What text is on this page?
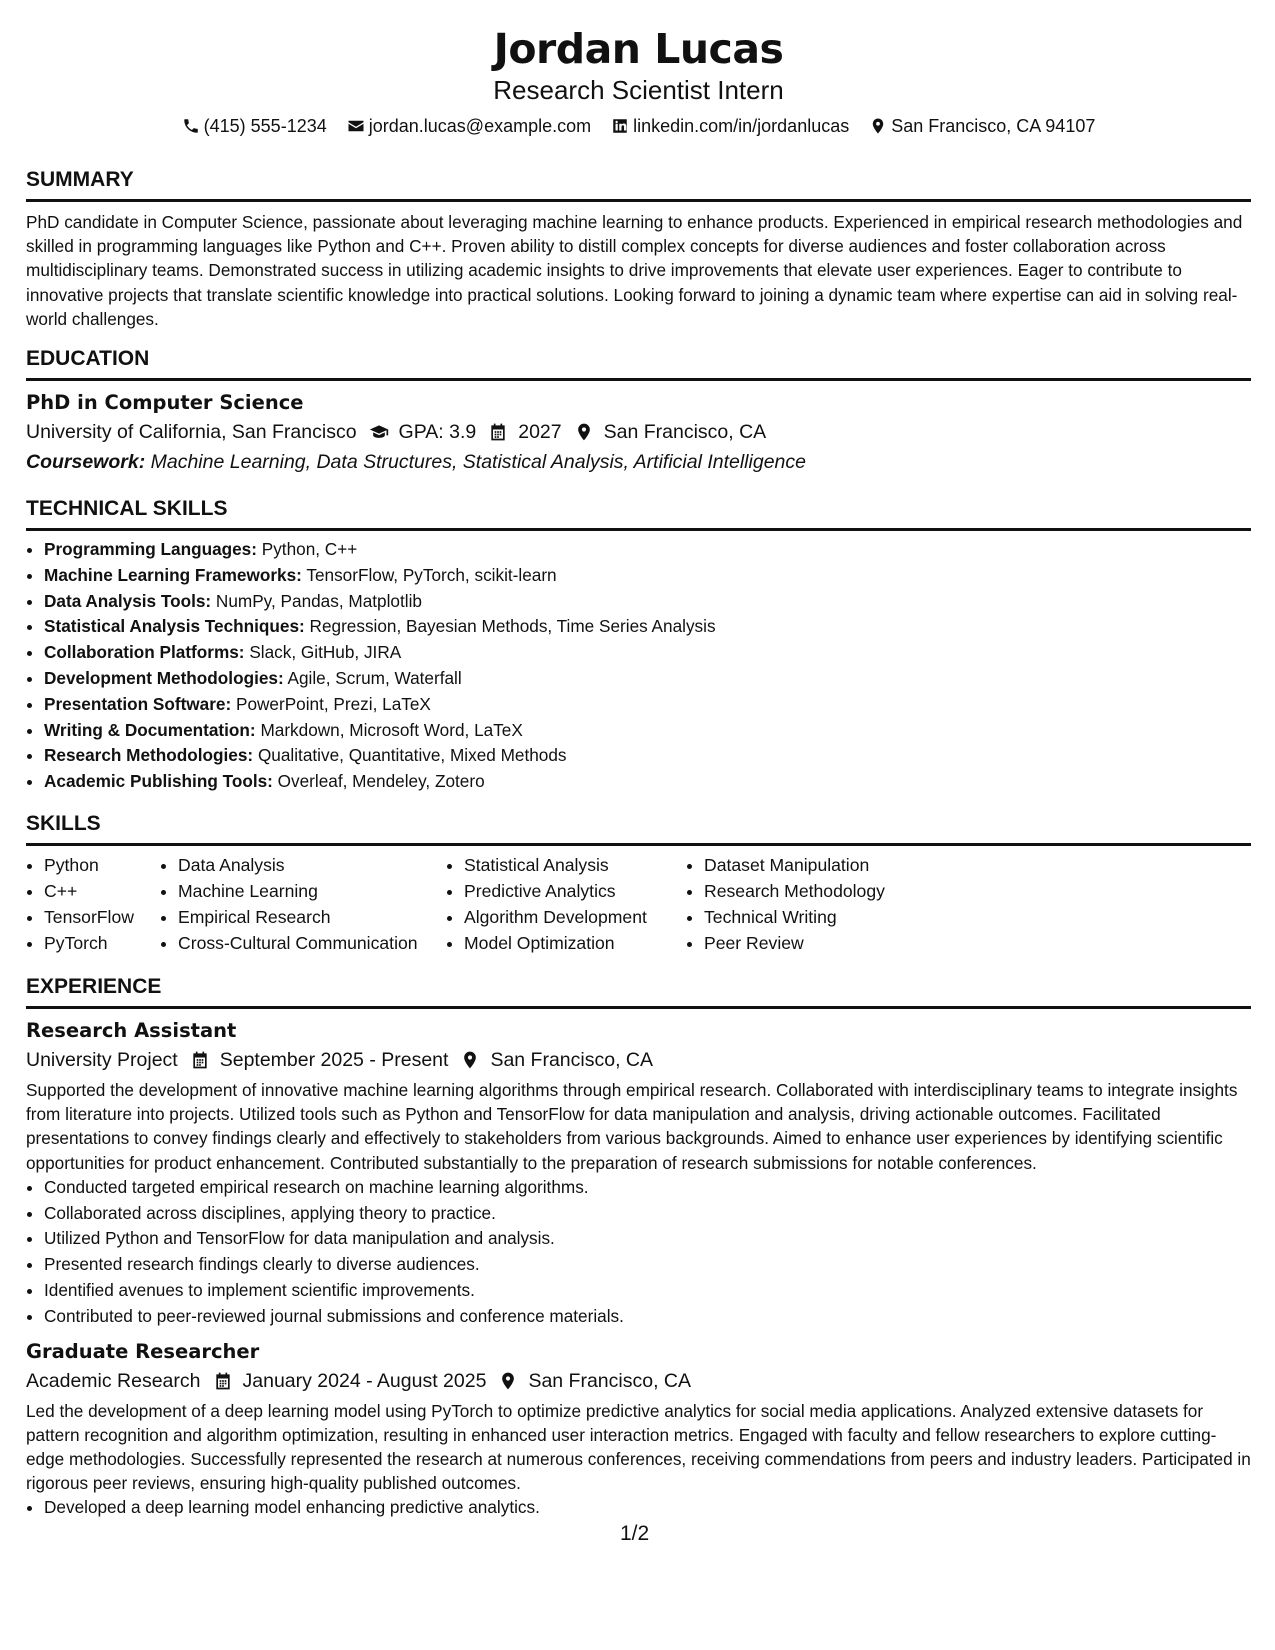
Jordan Lucas
Research Scientist Intern
(415) 555-1234 jordan.lucas@example.com linkedin.com/in/jordanlucas San Francisco, CA 94107
SUMMARY
PhD candidate in Computer Science, passionate about leveraging machine learning to enhance products. Experienced in empirical research methodologies and skilled in programming languages like Python and C++. Proven ability to distill complex concepts for diverse audiences and foster collaboration across multidisciplinary teams. Demonstrated success in utilizing academic insights to drive improvements that elevate user experiences. Eager to contribute to innovative projects that translate scientific knowledge into practical solutions. Looking forward to joining a dynamic team where expertise can aid in solving real-world challenges.
EDUCATION
PhD in Computer Science
University of California, San Francisco GPA: 3.9 2027 San Francisco, CA
Coursework: Machine Learning, Data Structures, Statistical Analysis, Artificial Intelligence
TECHNICAL SKILLS
• Programming Languages: Python, C++
• Machine Learning Frameworks: TensorFlow, PyTorch, scikit-learn
• Data Analysis Tools: NumPy, Pandas, Matplotlib
• Statistical Analysis Techniques: Regression, Bayesian Methods, Time Series Analysis
• Collaboration Platforms: Slack, GitHub, JIRA
• Development Methodologies: Agile, Scrum, Waterfall
• Presentation Software: PowerPoint, Prezi, LaTeX
• Writing & Documentation: Markdown, Microsoft Word, LaTeX
• Research Methodologies: Qualitative, Quantitative, Mixed Methods
• Academic Publishing Tools: Overleaf, Mendeley, Zotero
SKILLS
• Python
• C++
• TensorFlow
• PyTorch
• Data Analysis
• Machine Learning
• Empirical Research
• Cross-Cultural Communication
• Statistical Analysis
• Predictive Analytics
• Algorithm Development
• Model Optimization
• Dataset Manipulation
• Research Methodology
• Technical Writing
• Peer Review
EXPERIENCE
Research Assistant
University Project September 2025 - Present San Francisco, CA
Supported the development of innovative machine learning algorithms through empirical research. Collaborated with interdisciplinary teams to integrate insights from literature into projects. Utilized tools such as Python and TensorFlow for data manipulation and analysis, driving actionable outcomes. Facilitated presentations to convey findings clearly and effectively to stakeholders from various backgrounds. Aimed to enhance user experiences by identifying scientific opportunities for product enhancement. Contributed substantially to the preparation of research submissions for notable conferences.
• Conducted targeted empirical research on machine learning algorithms.
• Collaborated across disciplines, applying theory to practice.
• Utilized Python and TensorFlow for data manipulation and analysis.
• Presented research findings clearly to diverse audiences.
• Identified avenues to implement scientific improvements.
• Contributed to peer-reviewed journal submissions and conference materials.
Graduate Researcher
Academic Research January 2024 - August 2025 San Francisco, CA
Led the development of a deep learning model using PyTorch to optimize predictive analytics for social media applications. Analyzed extensive datasets for pattern recognition and algorithm optimization, resulting in enhanced user interaction metrics. Engaged with faculty and fellow researchers to explore cutting-edge methodologies. Successfully represented the research at numerous conferences, receiving commendations from peers and industry leaders. Participated in rigorous peer reviews, ensuring high-quality published outcomes.
• Developed a deep learning model enhancing predictive analytics.
1/2
